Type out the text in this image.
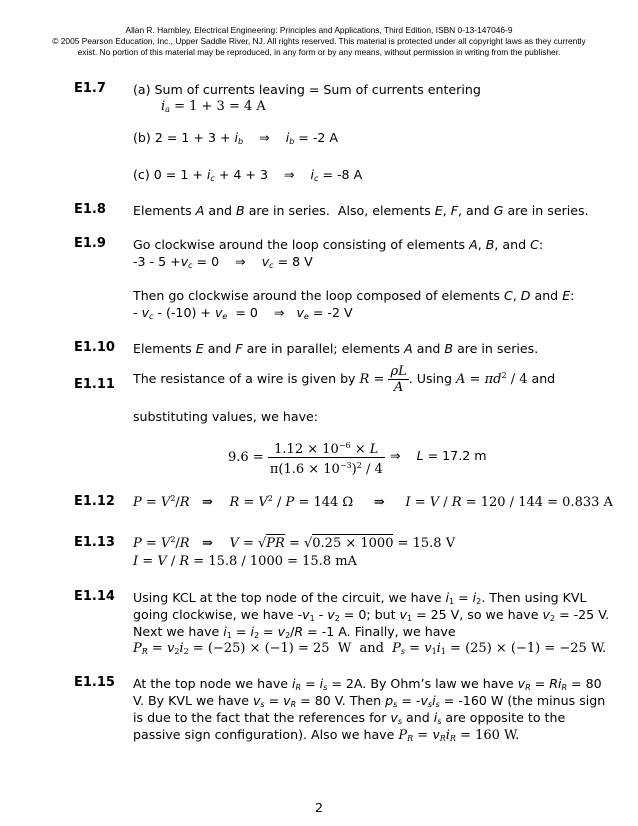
Allan R. Hambley, Electrical Engineering: Principles and Applications, Third Edition, ISBN 0-13-147046-9
© 2005 Pearson Education, Inc., Upper Saddle River, NJ. All rights reserved. This material is protected under all copyright laws as they currently
exist. No portion of this material may be reproduced, in any form or by any means, without permission in writing from the publisher.
E1.7 (a) Sum of currents leaving = Sum of currents entering
$i_a = 1 + 3 = 4$ A
(b) $2 = 1 + 3 + i_b$    ⇒    $i_b = -2$ A
(c) $0 = 1 + i_c + 4 + 3$    ⇒    $i_c = -8$ A
E1.8 Elements A and B are in series.  Also, elements E, F, and G are in series.
E1.9 Go clockwise around the loop consisting of elements A, B, and C:
$-3 - 5 +v_c = 0$    ⇒    $v_c = 8$ V
Then go clockwise around the loop composed of elements C, D and E:
- $v_c - (-10) + v_e = 0$    ⇒   $v_e = -2$ V
E1.10 Elements E and F are in parallel; elements A and B are in series.
E1.11 The resistance of a wire is given by $R = \frac{\rho L}{A}$ . Using $A = \pi d^2 / 4$ and
substituting values, we have:
$9.6 = \frac{1.12 \times 10^{-6} \times L}{\pi(1.6 \times 10^{-3})^2 / 4}$ ⇒    L = 17.2 m
E1.12 $P = V^2/R$ ⇒ $R = V^2 / P = 144$ Ω     ⇒ I = V / R = 120 / 144 = 0.833 A
E1.13 $P = V^2/R$ ⇒ V = √PR = √0.25 × 1000 = 15.8 V
I = V / R = 15.8 / 1000 = 15.8 mA
E1.14 Using KCL at the top node of the circuit, we have $i_1 = i_2$. Then using KVL
going clockwise, we have $-v_1 - v_2 = 0$; but $v_1 = 25$ V, so we have $v_2 = -25$ V.
Next we have $i_1 = i_2 = v_2/R = -1$ A. Finally, we have
$P_R = v_2i_2 = (-25) \times (-1) = 25$  W  and  $P_s = v_1i_1 = (25) \times (-1) = -25$ W.
E1.15 At the top node we have $i_R = i_s = 2A$. By Ohm’s law we have $v_R = Ri_R = 80$
V. By KVL we have $v_s = v_R = 80$ V. Then $p_s = -v_si_s = -160$ W (the minus sign
is due to the fact that the references for $v_s$ and $i_s$ are opposite to the
passive sign configuration). Also we have $P_R = v_Ri_R = 160$ W.
2
